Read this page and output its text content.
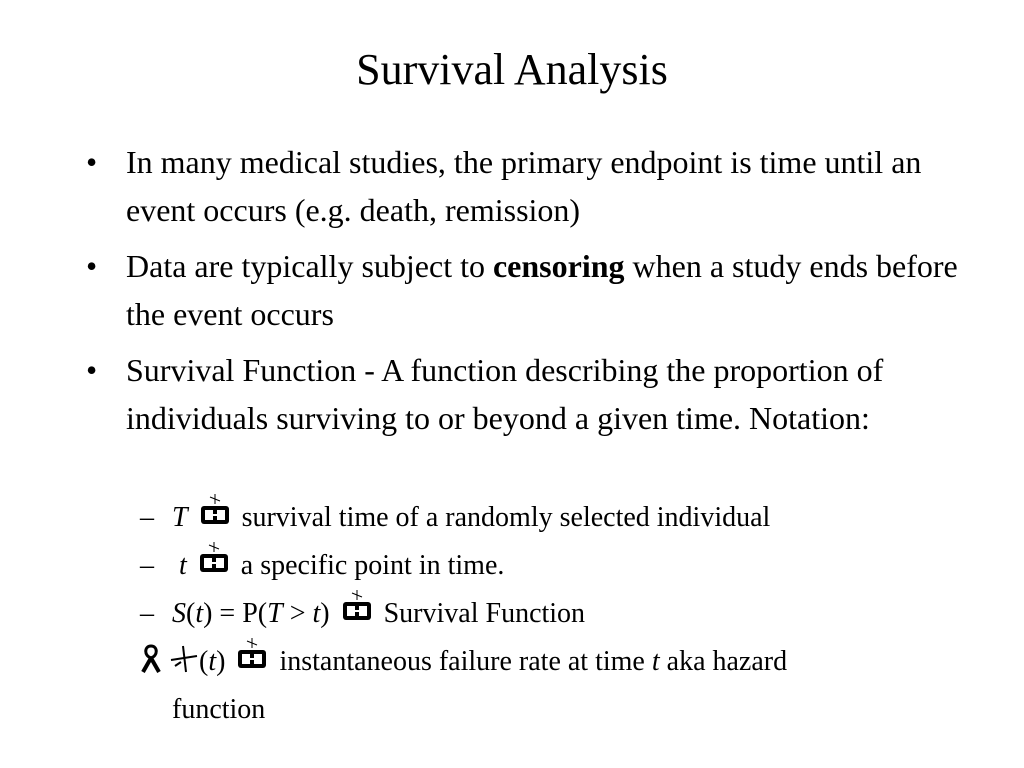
Survival Analysis
• In many medical studies, the primary endpoint is time until an event occurs (e.g. death, remission)
• Data are typically subject to censoring when a study ends before the event occurs
• Survival Function - A function describing the proportion of individuals surviving to or beyond a given time. Notation:
– T survival time of a randomly selected individual
– t a specific point in time.
– S(t) = P(T > t) Survival Function
(t)
instantaneous failure rate at time t aka hazard
function
